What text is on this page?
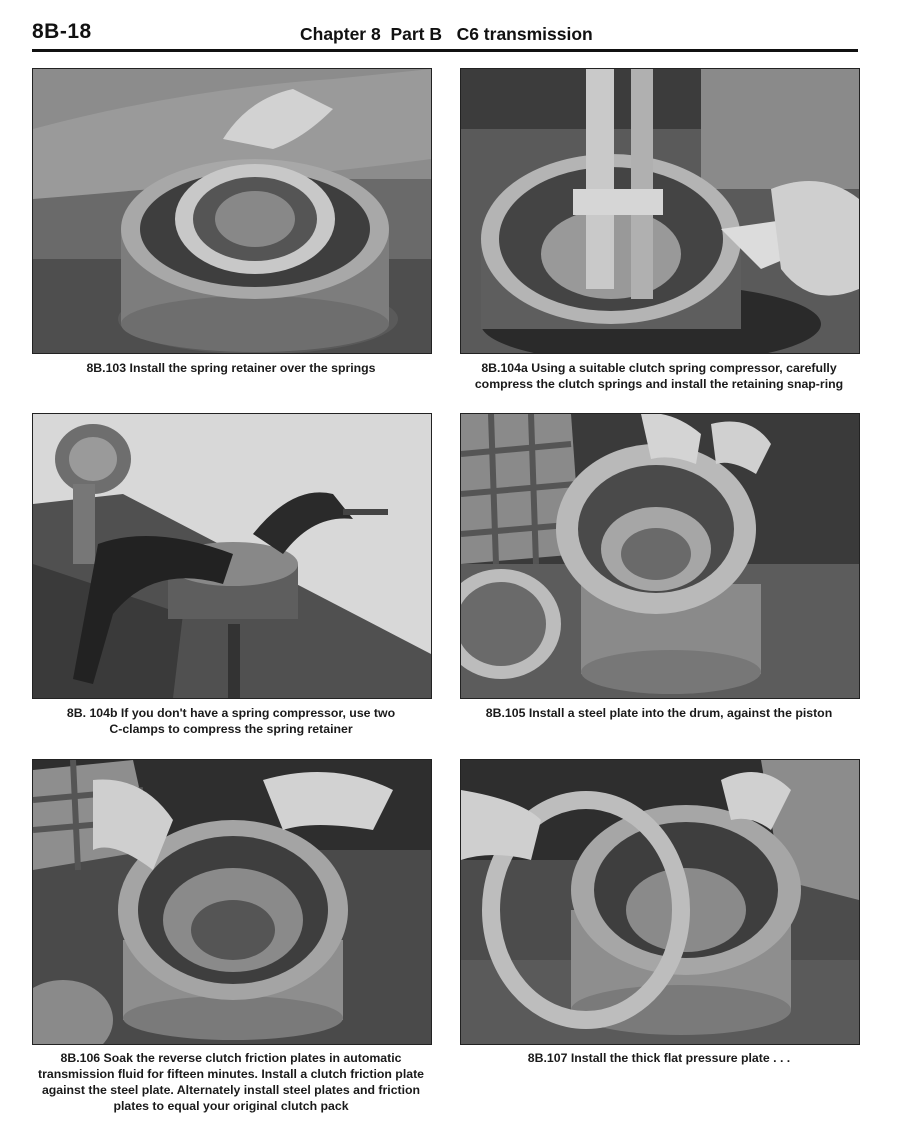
8B-18	Chapter 8  Part B   C6 transmission
8B.103 Install the spring retainer over the springs	8B.104a Using a suitable clutch spring compressor, carefully
compress the clutch springs and install the retaining snap-ring
8B. 104b If you don't have a spring compressor, use two
C-clamps to compress the spring retainer
8B.105 Install a steel plate into the drum, against the piston
8B.106 Soak the reverse clutch friction plates in automatic
transmission fluid for fifteen minutes. Install a clutch friction plate
against the steel plate. Alternately install steel plates and friction
plates to equal your original clutch pack
8B.107 Install the thick flat pressure plate . . .
